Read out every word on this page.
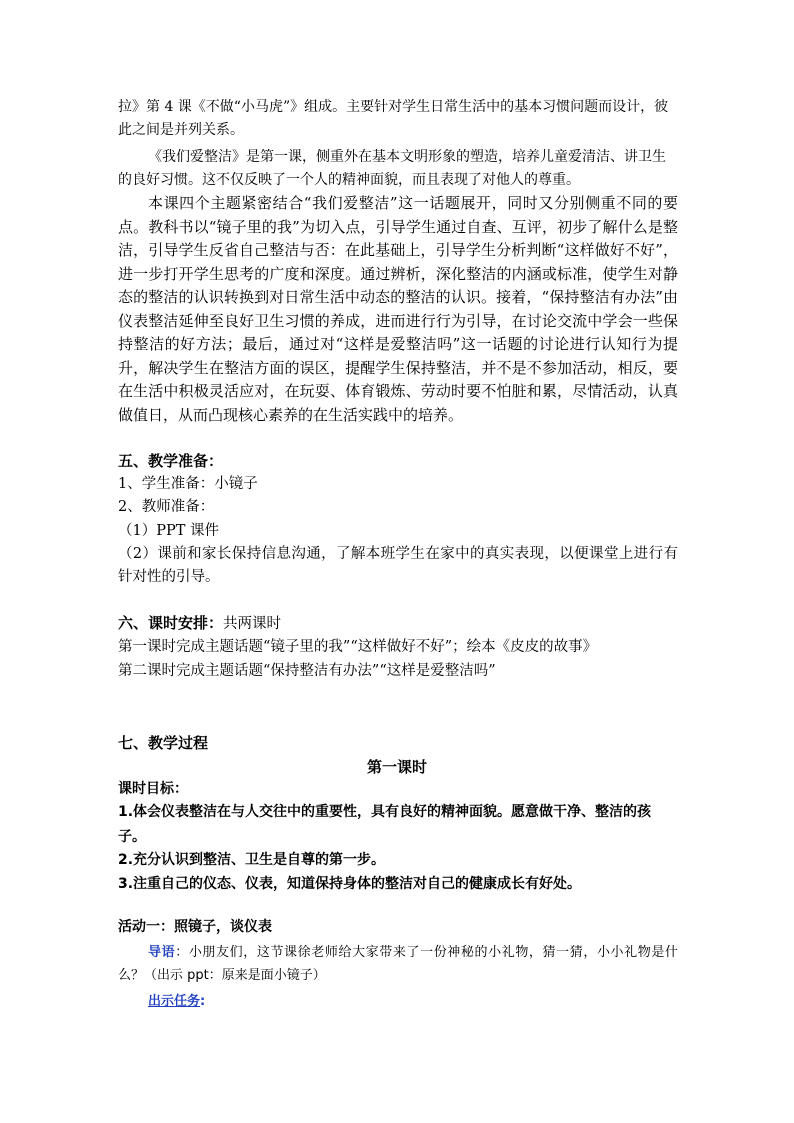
拉》第 4 课《不做“小马虎”》组成。主要针对学生日常生活中的基本习惯问题而设计，彼此之间是并列关系。
《我们爱整洁》是第一课，侧重外在基本文明形象的塑造，培养儿童爱清洁、讲卫生的良好习惯。这不仅反映了一个人的精神面貌，而且表现了对他人的尊重。
本课四个主题紧密结合“我们爱整洁”这一话题展开，同时又分别侧重不同的要点。教科书以“镜子里的我”为切入点，引导学生通过自查、互评，初步了解什么是整洁，引导学生反省自己整洁与否：在此基础上，引导学生分析判断“这样做好不好”，进一步打开学生思考的广度和深度。通过辨析，深化整洁的内涵或标准，使学生对静态的整洁的认识转换到对日常生活中动态的整洁的认识。接着，“保持整洁有办法”由仪表整洁延伸至良好卫生习惯的养成，进而进行行为引导，在讨论交流中学会一些保持整洁的好方法；最后，通过对“这样是爱整洁吗”这一话题的讨论进行认知行为提升，解决学生在整洁方面的误区，提醒学生保持整洁，并不是不参加活动，相反，要在生活中积极灵活应对，在玩耍、体育锻炼、劳动时要不怕脏和累，尽情活动，认真做值日，从而凸现核心素养的在生活实践中的培养。
五、教学准备：
1、学生准备：小镜子
2、教师准备：
（1）PPT 课件
（2）课前和家长保持信息沟通，了解本班学生在家中的真实表现，以便课堂上进行有针对性的引导。
六、课时安排：共两课时
第一课时完成主题话题“镜子里的我”“这样做好不好”；绘本《皮皮的故事》
第二课时完成主题话题“保持整洁有办法”“这样是爱整洁吗”
七、教学过程
第一课时
课时目标：
1.体会仪表整洁在与人交往中的重要性，具有良好的精神面貌。愿意做干净、整洁的孩子。
2.充分认识到整洁、卫生是自尊的第一步。
3.注重自己的仪态、仪表，知道保持身体的整洁对自己的健康成长有好处。
活动一：照镜子，谈仪表
导语：小朋友们，这节课徐老师给大家带来了一份神秘的小礼物，猜一猜，小小礼物是什么？（出示 ppt：原来是面小镜子）
出示任务:
